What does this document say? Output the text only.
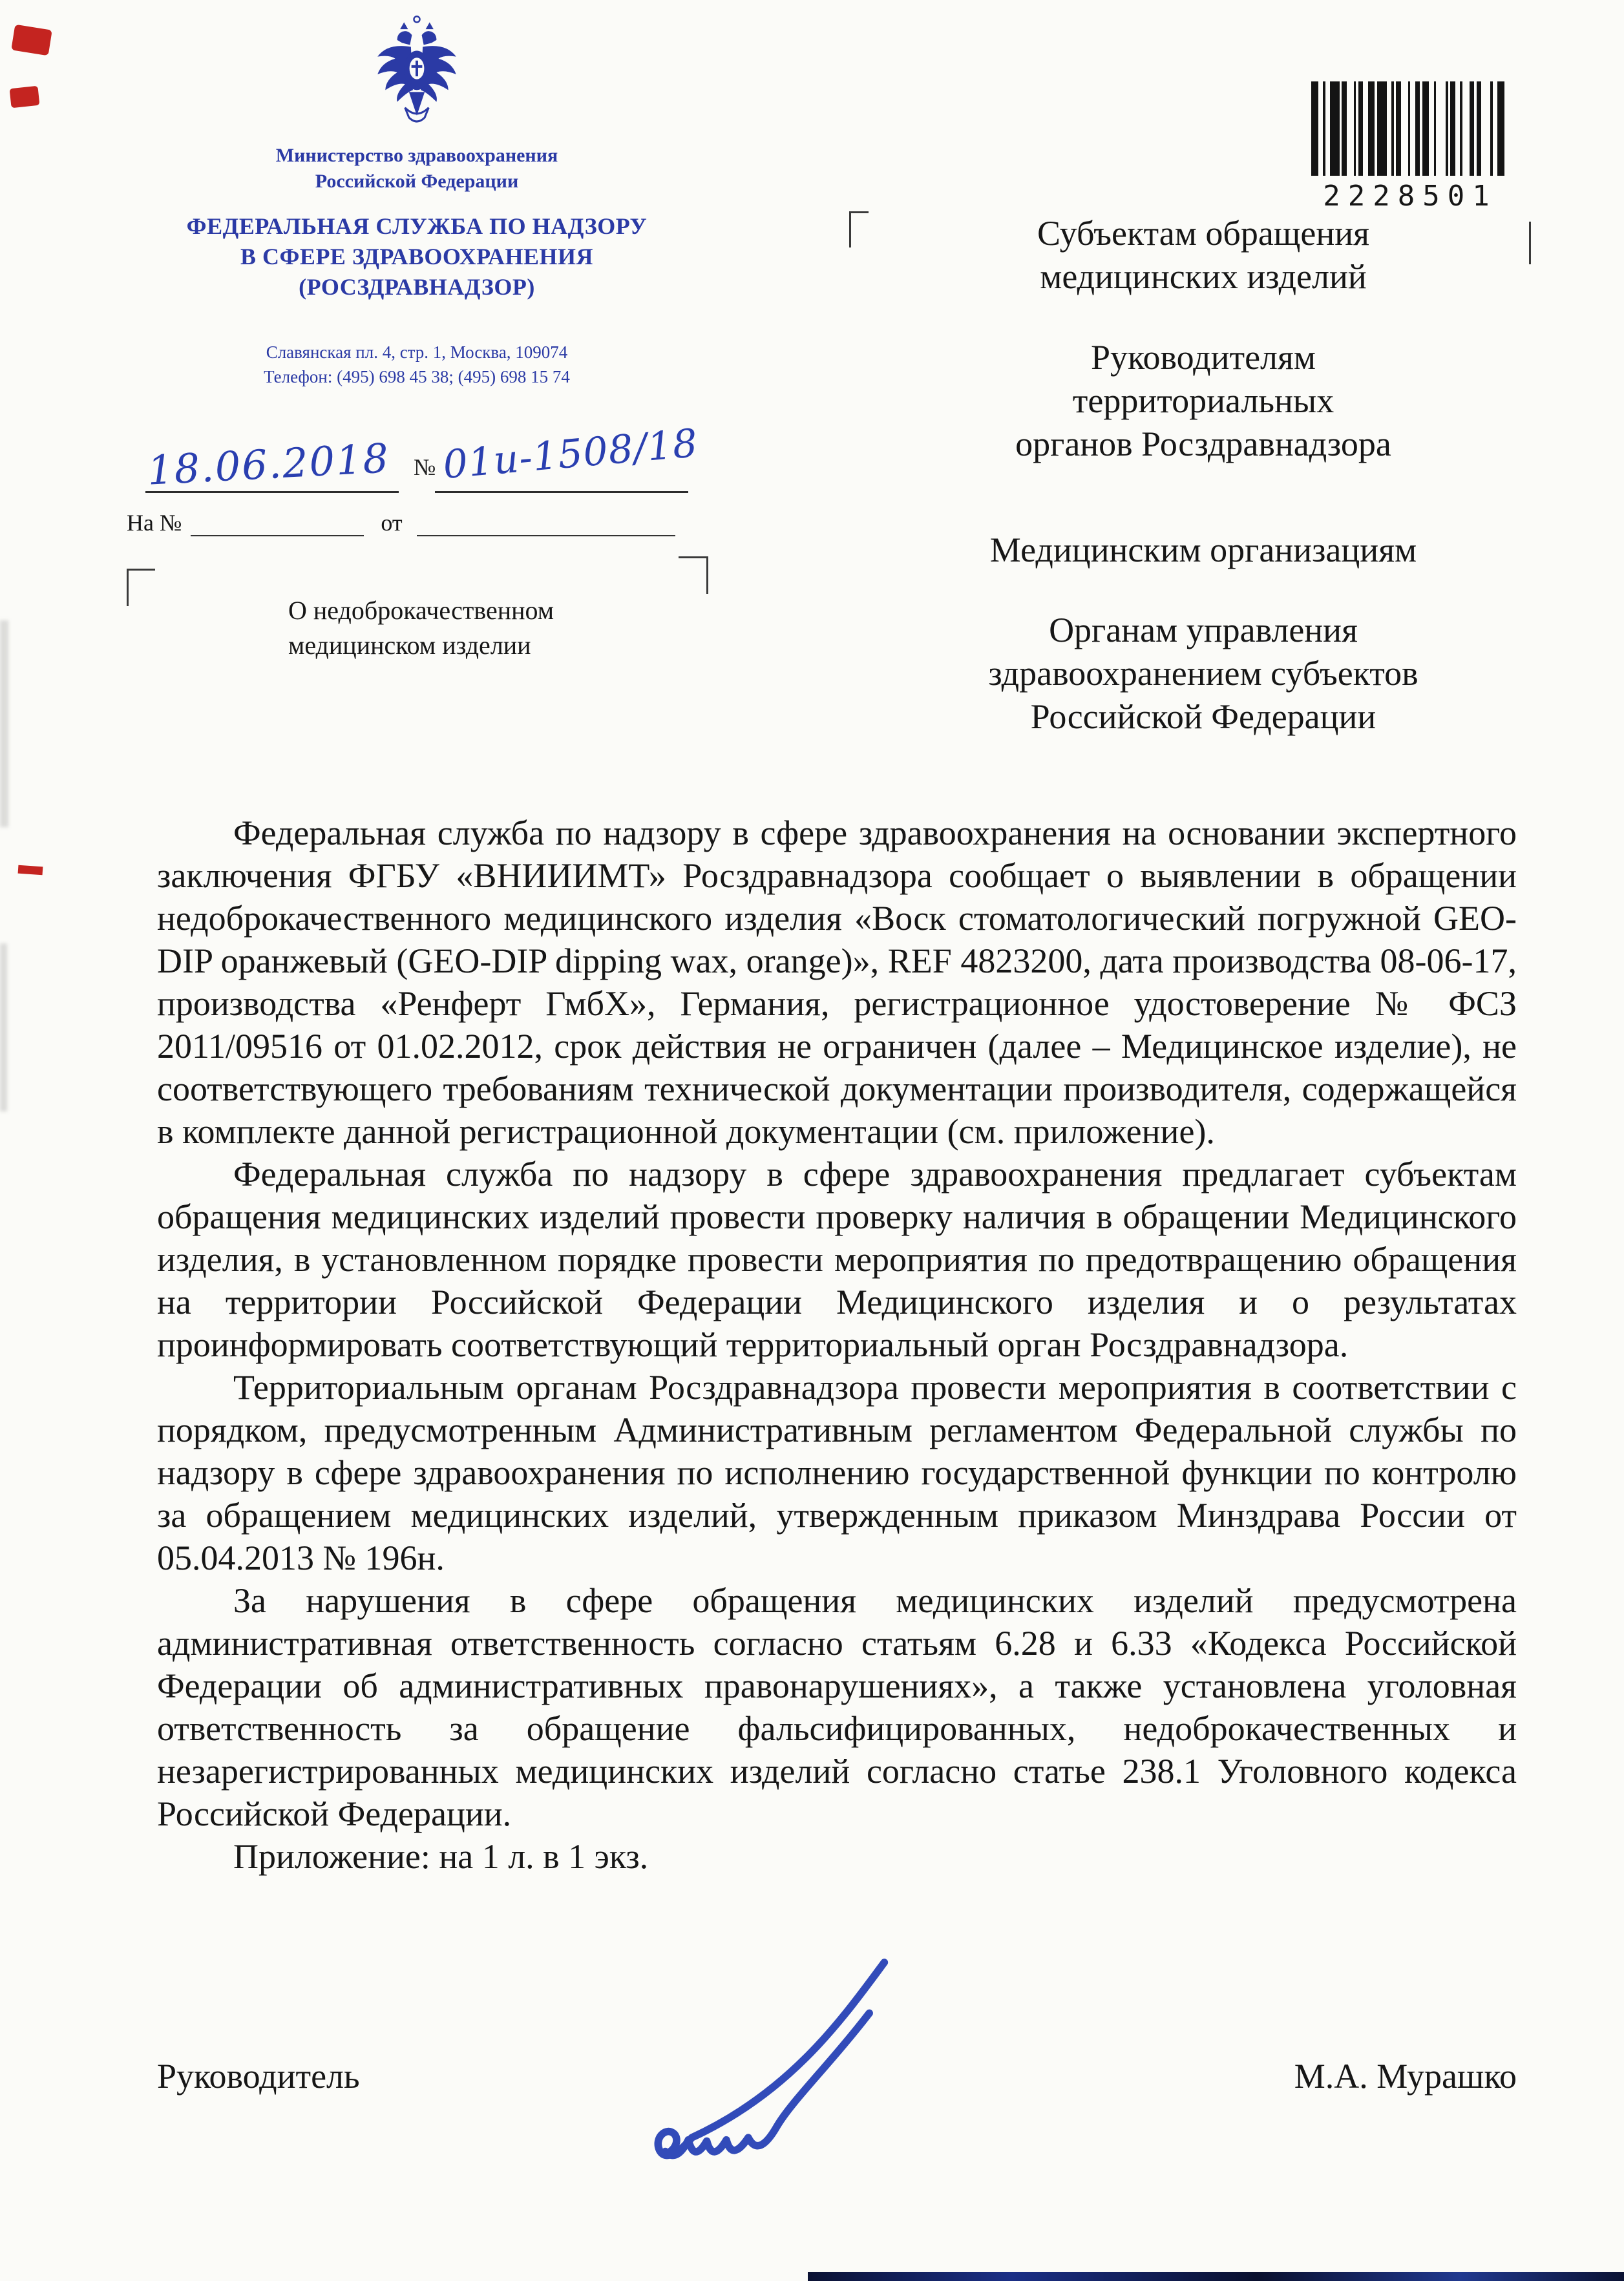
Министерство здравоохранения
Российской Федерации
ФЕДЕРАЛЬНАЯ СЛУЖБА ПО НАДЗОРУ
В СФЕРЕ ЗДРАВООХРАНЕНИЯ
(РОСЗДРАВНАДЗОР)
Славянская пл. 4, стр. 1, Москва, 109074
Телефон: (495) 698 45 38; (495) 698 15 74
18.06.2018 № 01и-1508/18
На №	от
О недоброкачественном
медицинском изделии
2228501
Субъектам обращения
медицинских изделий
Руководителям
территориальных
органов Росздравнадзора
Медицинским организациям
Органам управления
здравоохранением субъектов
Российской Федерации

Федеральная служба по надзору в сфере здравоохранения на основании экспертного заключения ФГБУ «ВНИИИМТ» Росздравнадзора сообщает о выявлении в обращении недоброкачественного медицинского изделия «Воск стоматологический погружной GEO-DIP оранжевый (GEO-DIP dipping wax, orange)», REF 4823200, дата производства 08-06-17, производства «Ренферт ГмбХ», Германия, регистрационное удостоверение № ФСЗ 2011/09516 от 01.02.2012, срок действия не ограничен (далее – Медицинское изделие), не соответствующего требованиям технической документации производителя, содержащейся в комплекте данной регистрационной документации (см. приложение).

Федеральная служба по надзору в сфере здравоохранения предлагает субъектам обращения медицинских изделий провести проверку наличия в обращении Медицинского изделия, в установленном порядке провести мероприятия по предотвращению обращения на территории Российской Федерации Медицинского изделия и о результатах проинформировать соответствующий территориальный орган Росздравнадзора.

Территориальным органам Росздравнадзора провести мероприятия в соответствии с порядком, предусмотренным Административным регламентом Федеральной службы по надзору в сфере здравоохранения по исполнению государственной функции по контролю за обращением медицинских изделий, утвержденным приказом Минздрава России от 05.04.2013 № 196н.

За нарушения в сфере обращения медицинских изделий предусмотрена административная ответственность согласно статьям 6.28 и 6.33 «Кодекса Российской Федерации об административных правонарушениях», а также установлена уголовная ответственность за обращение фальсифицированных, недоброкачественных и незарегистрированных медицинских изделий согласно статье 238.1 Уголовного кодекса Российской Федерации.

Приложение: на 1 л. в 1 экз.

Руководитель	М.А. Мурашко
